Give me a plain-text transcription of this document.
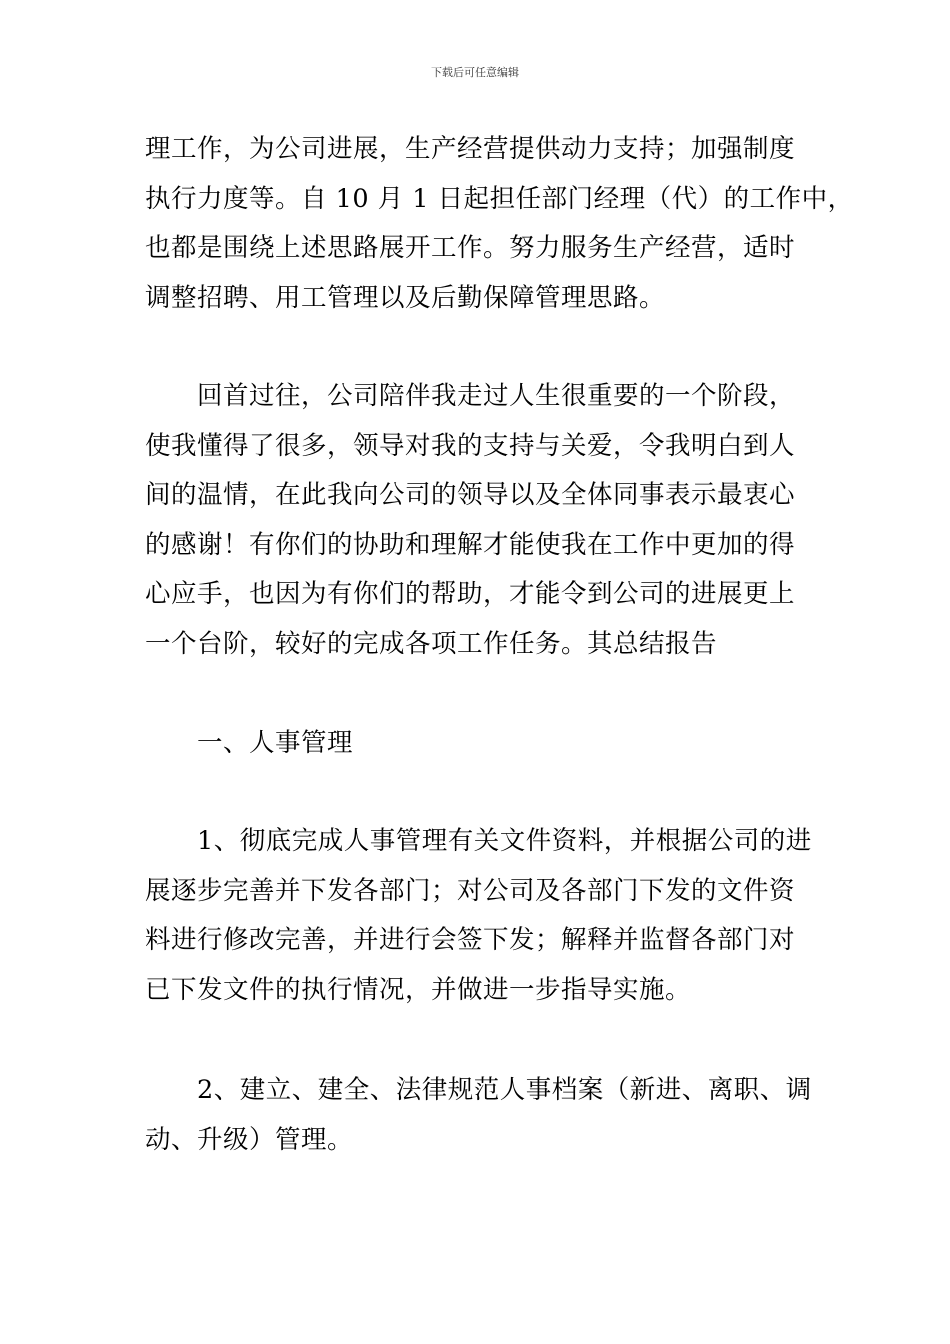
下载后可任意编辑
理工作，为公司进展，生产经营提供动力支持；加强制度
执行力度等。自 10 月 1 日起担任部门经理（代）的工作中，
也都是围绕上述思路展开工作。努力服务生产经营，适时
调整招聘、用工管理以及后勤保障管理思路。
回首过往，公司陪伴我走过人生很重要的一个阶段，
使我懂得了很多，领导对我的支持与关爱，令我明白到人
间的温情，在此我向公司的领导以及全体同事表示最衷心
的感谢！有你们的协助和理解才能使我在工作中更加的得
心应手，也因为有你们的帮助，才能令到公司的进展更上
一个台阶，较好的完成各项工作任务。其总结报告
一、人事管理
1、彻底完成人事管理有关文件资料，并根据公司的进
展逐步完善并下发各部门；对公司及各部门下发的文件资
料进行修改完善，并进行会签下发；解释并监督各部门对
已下发文件的执行情况，并做进一步指导实施。
2、建立、建全、法律规范人事档案（新进、离职、调
动、升级）管理。
